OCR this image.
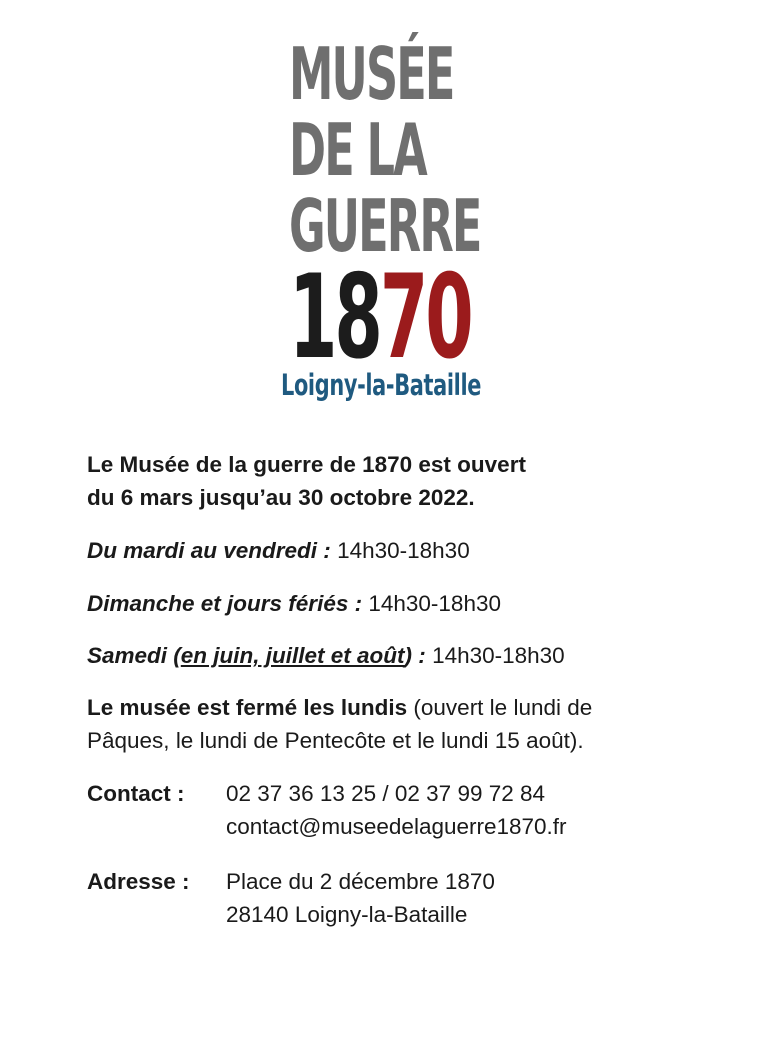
MUSÉE
DE LA
GUERRE
1870
Loigny-la-Bataille

Le Musée de la guerre de 1870 est ouvert
du 6 mars jusqu’au 30 octobre 2022.

Du mardi au vendredi : 14h30-18h30

Dimanche et jours fériés : 14h30-18h30

Samedi (en juin, juillet et août) : 14h30-18h30

Le musée est fermé les lundis (ouvert le lundi de
Pâques, le lundi de Pentecôte et le lundi 15 août).

Contact :	02 37 36 13 25 / 02 37 99 72 84
contact@museedelaguerre1870.fr
Adresse :	Place du 2 décembre 1870
28140 Loigny-la-Bataille
